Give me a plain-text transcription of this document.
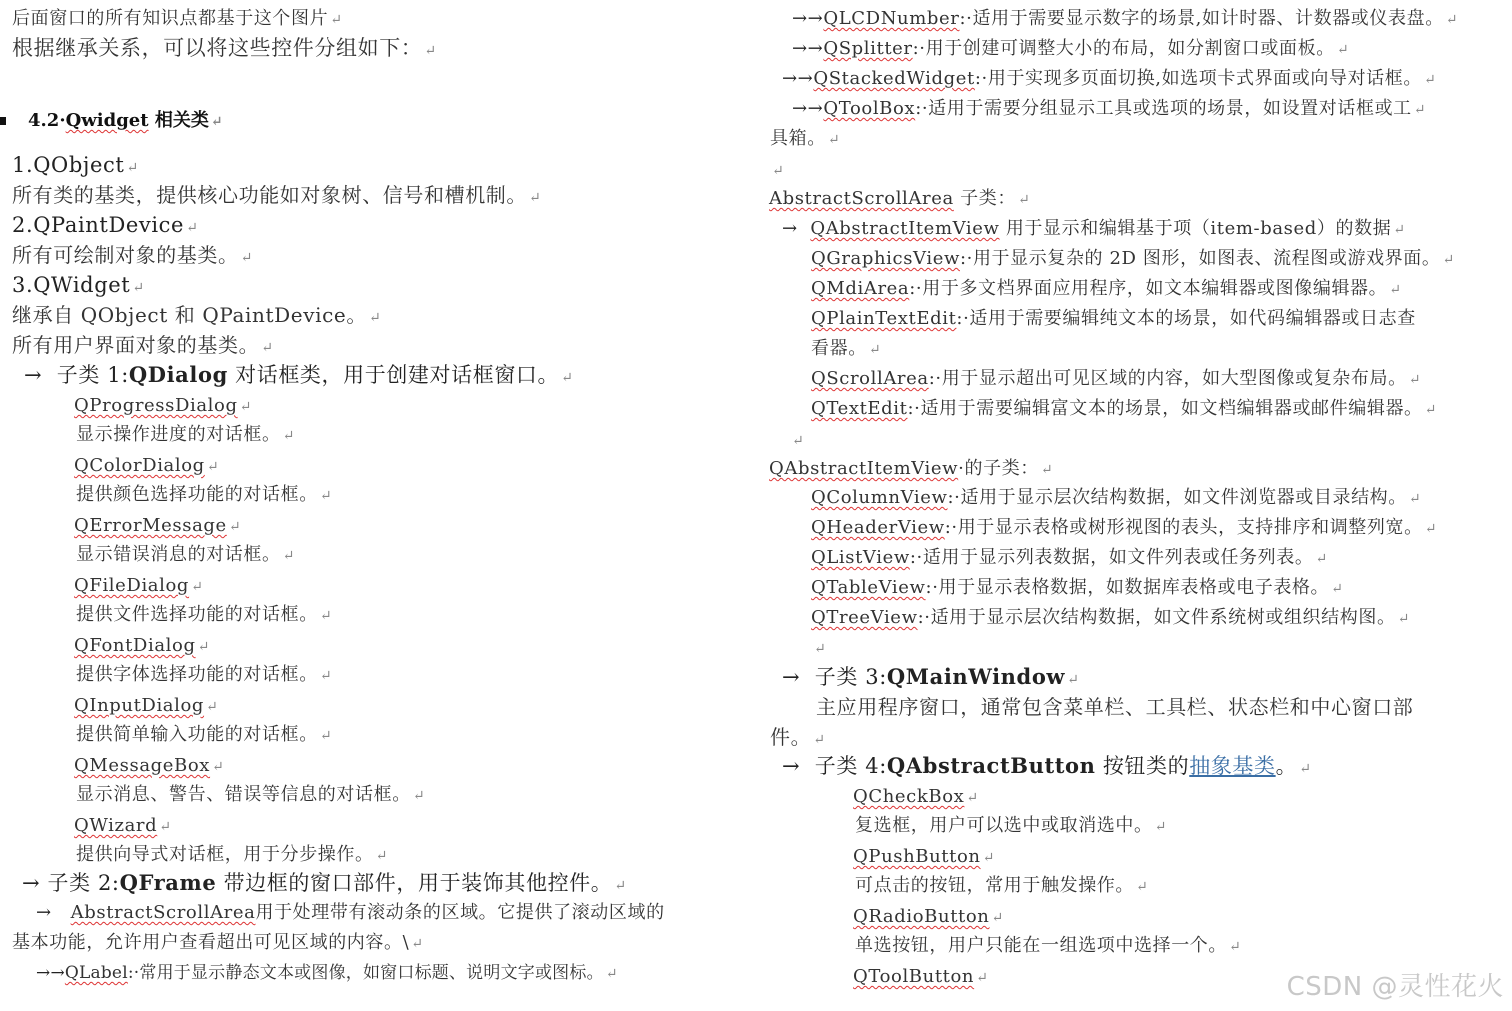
后面窗口的所有知识点都基于这个图片 ↵
根据继承关系，可以将这些控件分组如下： ↵
4.2·Qwidget 相关类 ↵
1.QObject ↵
所有类的基类，提供核心功能如对象树、信号和槽机制。 ↵
2.QPaintDevice ↵
所有可绘制对象的基类。 ↵
3.QWidget ↵
继承自 QObject 和 QPaintDevice。 ↵
所有用户界面对象的基类。 ↵
→ 子类 1:QDialog 对话框类，用于创建对话框窗口。 ↵
QProgressDialog ↵
显示操作进度的对话框。 ↵
QColorDialog ↵
提供颜色选择功能的对话框。 ↵
QErrorMessage ↵
显示错误消息的对话框。 ↵
QFileDialog ↵
提供文件选择功能的对话框。 ↵
QFontDialog ↵
提供字体选择功能的对话框。 ↵
QInputDialog ↵
提供简单输入功能的对话框。 ↵
QMessageBox ↵
显示消息、警告、错误等信息的对话框。 ↵
QWizard ↵
提供向导式对话框，用于分步操作。 ↵
→ 子类 2:QFrame 带边框的窗口部件，用于装饰其他控件。 ↵
→ AbstractScrollArea用于处理带有滚动条的区域。它提供了滚动区域的
基本功能，允许用户查看超出可见区域的内容。\ ↵
→→QLabel:·常用于显示静态文本或图像，如窗口标题、说明文字或图标。 ↵
→→QLCDNumber:·适用于需要显示数字的场景,如计时器、计数器或仪表盘。 ↵
→→QSplitter:·用于创建可调整大小的布局，如分割窗口或面板。 ↵
→→QStackedWidget:·用于实现多页面切换,如选项卡式界面或向导对话框。 ↵
→→QToolBox:·适用于需要分组显示工具或选项的场景，如设置对话框或工 ↵
具箱。 ↵
↵
AbstractScrollArea 子类： ↵
→ QAbstractItemView 用于显示和编辑基于项（item-based）的数据 ↵
QGraphicsView:·用于显示复杂的 2D 图形，如图表、流程图或游戏界面。 ↵
QMdiArea:·用于多文档界面应用程序，如文本编辑器或图像编辑器。 ↵
QPlainTextEdit:·适用于需要编辑纯文本的场景，如代码编辑器或日志查
看器。 ↵
QScrollArea:·用于显示超出可见区域的内容，如大型图像或复杂布局。 ↵
QTextEdit:·适用于需要编辑富文本的场景，如文档编辑器或邮件编辑器。 ↵
↵
QAbstractItemView·的子类： ↵
QColumnView:·适用于显示层次结构数据，如文件浏览器或目录结构。 ↵
QHeaderView:·用于显示表格或树形视图的表头，支持排序和调整列宽。 ↵
QListView:·适用于显示列表数据，如文件列表或任务列表。 ↵
QTableView:·用于显示表格数据，如数据库表格或电子表格。 ↵
QTreeView:·适用于显示层次结构数据，如文件系统树或组织结构图。 ↵
↵
→ 子类 3:QMainWindow ↵
主应用程序窗口，通常包含菜单栏、工具栏、状态栏和中心窗口部
件。 ↵
→ 子类 4:QAbstractButton 按钮类的抽象基类。 ↵
QCheckBox ↵
复选框，用户可以选中或取消选中。 ↵
QPushButton ↵
可点击的按钮，常用于触发操作。 ↵
QRadioButton ↵
单选按钮，用户只能在一组选项中选择一个。 ↵
QToolButton ↵	CSDN @灵性花火
